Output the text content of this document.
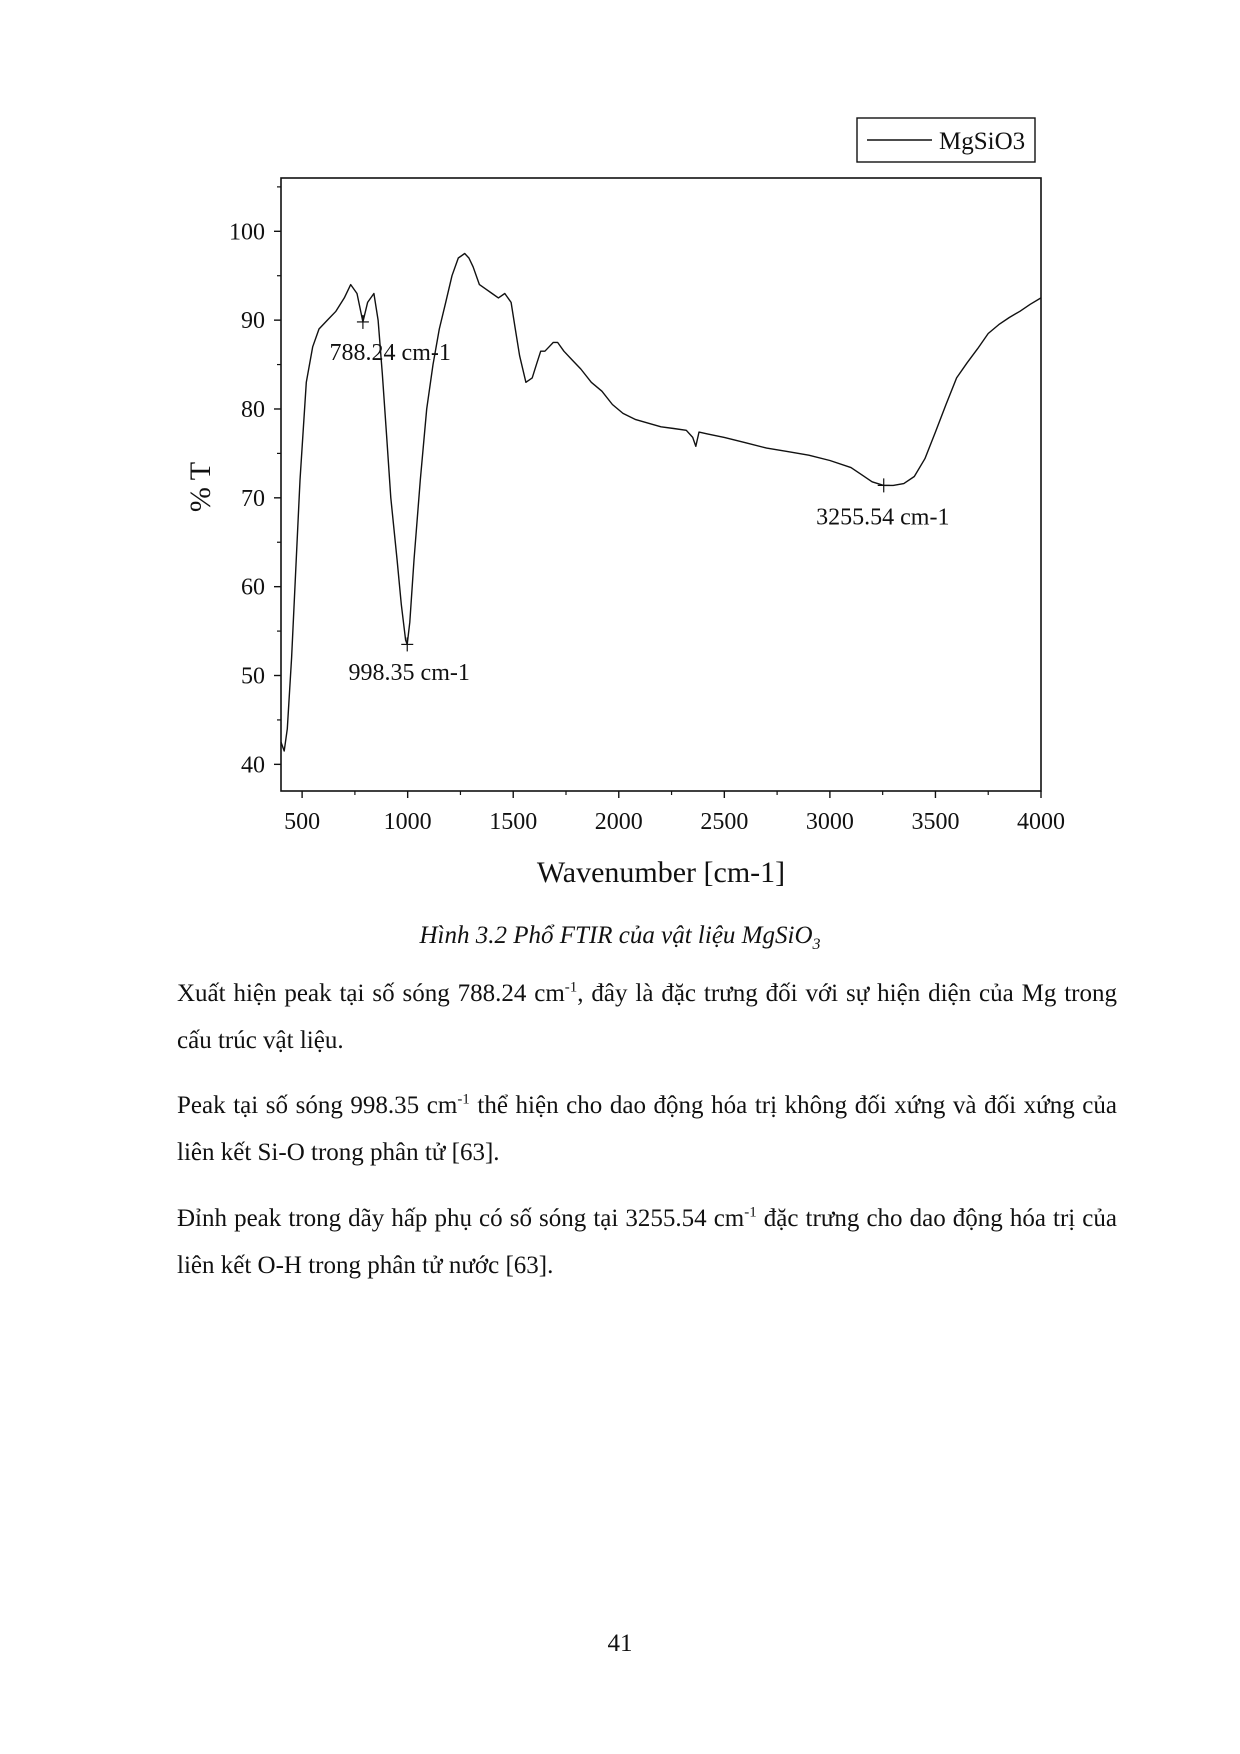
MgSiO3
500	1000 1500 2000 2500 3000 3500 4000
40
50
60
70
80
90
100
Wavenumber [cm-1]
% T
788.24 cm-1
998.35 cm-1
3255.54 cm-1
Hình 3.2 Phổ FTIR của vật liệu MgSiO$_3$

Xuất hiện peak tại số sóng 788.24 $cm^{-1}$, đây là đặc trưng đối với sự hiện diện của Mg trong cấu trúc vật liệu.

Peak tại số sóng 998.35 $cm^{-1}$ thể hiện cho dao động hóa trị không đối xứng và đối xứng của liên kết Si-O trong phân tử [63].

Đỉnh peak trong dãy hấp phụ có số sóng tại 3255.54 $cm^{-1}$ đặc trưng cho dao động hóa trị của liên kết O-H trong phân tử nước [63].

41
